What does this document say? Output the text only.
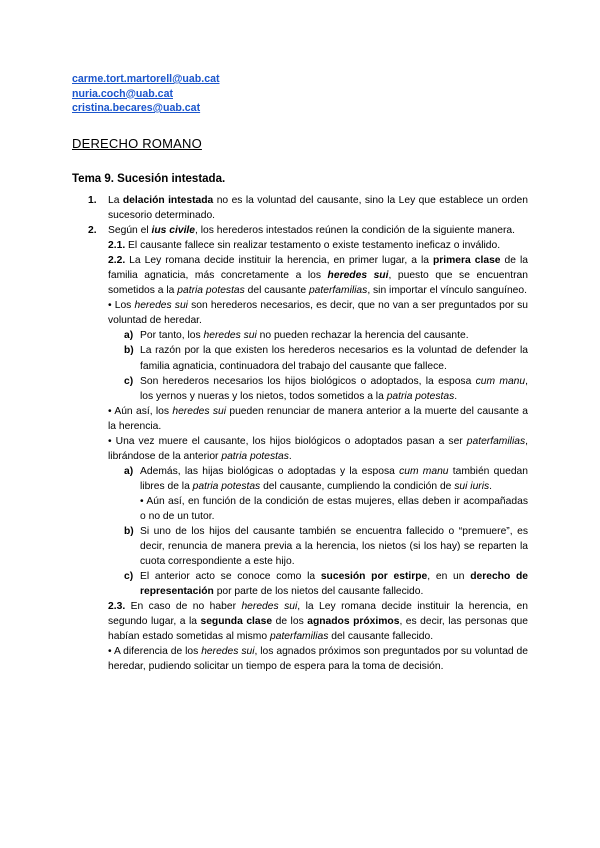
carme.tort.martorell@uab.cat
nuria.coch@uab.cat
cristina.becares@uab.cat
DERECHO ROMANO
Tema 9. Sucesión intestada.
1.	La delación intestada no es la voluntad del causante, sino la Ley que establece un orden sucesorio determinado.
2.	Según el ius civile, los herederos intestados reúnen la condición de la siguiente manera.
2.1. El causante fallece sin realizar testamento o existe testamento ineficaz o inválido.
2.2. La Ley romana decide instituir la herencia, en primer lugar, a la primera clase de la familia agnaticia, más concretamente a los heredes sui, puesto que se encuentran sometidos a la patria potestas del causante paterfamilias, sin importar el vínculo sanguíneo.
• Los heredes sui son herederos necesarios, es decir, que no van a ser preguntados por su voluntad de heredar.
a) Por tanto, los heredes sui no pueden rechazar la herencia del causante.
b) La razón por la que existen los herederos necesarios es la voluntad de defender la familia agnaticia, continuadora del trabajo del causante que fallece.
c) Son herederos necesarios los hijos biológicos o adoptados, la esposa cum manu, los yernos y nueras y los nietos, todos sometidos a la patria potestas.
• Aún así, los heredes sui pueden renunciar de manera anterior a la muerte del causante a la herencia.
• Una vez muere el causante, los hijos biológicos o adoptados pasan a ser paterfamilias, librándose de la anterior patria potestas.
a) Además, las hijas biológicas o adoptadas y la esposa cum manu también quedan libres de la patria potestas del causante, cumpliendo la condición de sui iuris.
• Aún así, en función de la condición de estas mujeres, ellas deben ir acompañadas o no de un tutor.
b) Si uno de los hijos del causante también se encuentra fallecido o “premuere”, es decir, renuncia de manera previa a la herencia, los nietos (si los hay) se reparten la cuota correspondiente a este hijo.
c) El anterior acto se conoce como la sucesión por estirpe, en un derecho de representación por parte de los nietos del causante fallecido.
2.3. En caso de no haber heredes sui, la Ley romana decide instituir la herencia, en segundo lugar, a la segunda clase de los agnados próximos, es decir, las personas que habían estado sometidas al mismo paterfamilias del causante fallecido.
• A diferencia de los heredes sui, los agnados próximos son preguntados por su voluntad de heredar, pudiendo solicitar un tiempo de espera para la toma de decisión.
